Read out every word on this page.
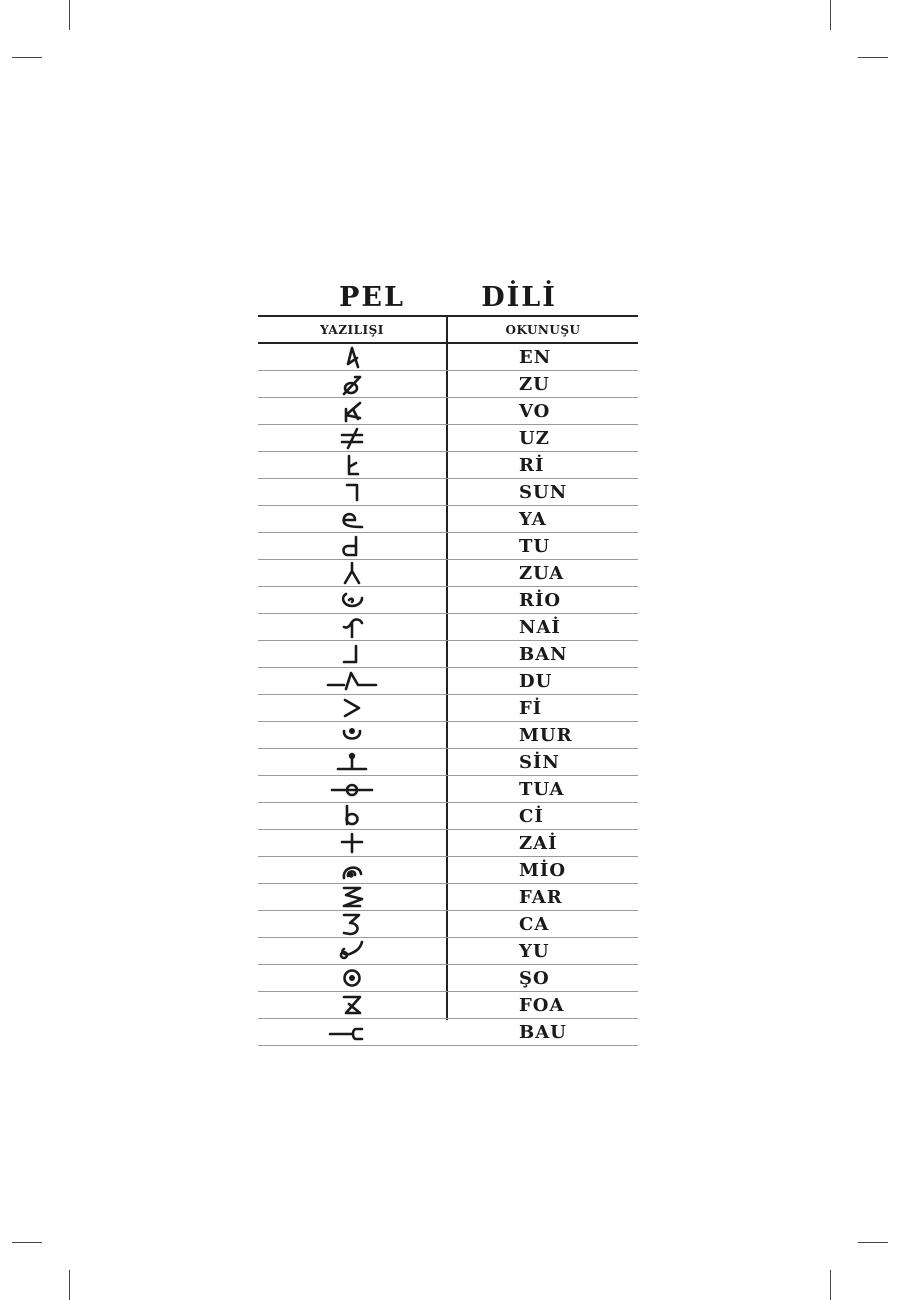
PEL   DİLİ
YAZILIŞI	OKUNUŞU
EN
ZU
VO
UZ
Rİ
SUN
YA
TU
ZUA
RİO
NAİ
BAN
DU
Fİ
MUR
SİN
TUA
Cİ
ZAİ
MİO
FAR
CA
YU
ŞO
FOA
BAU
